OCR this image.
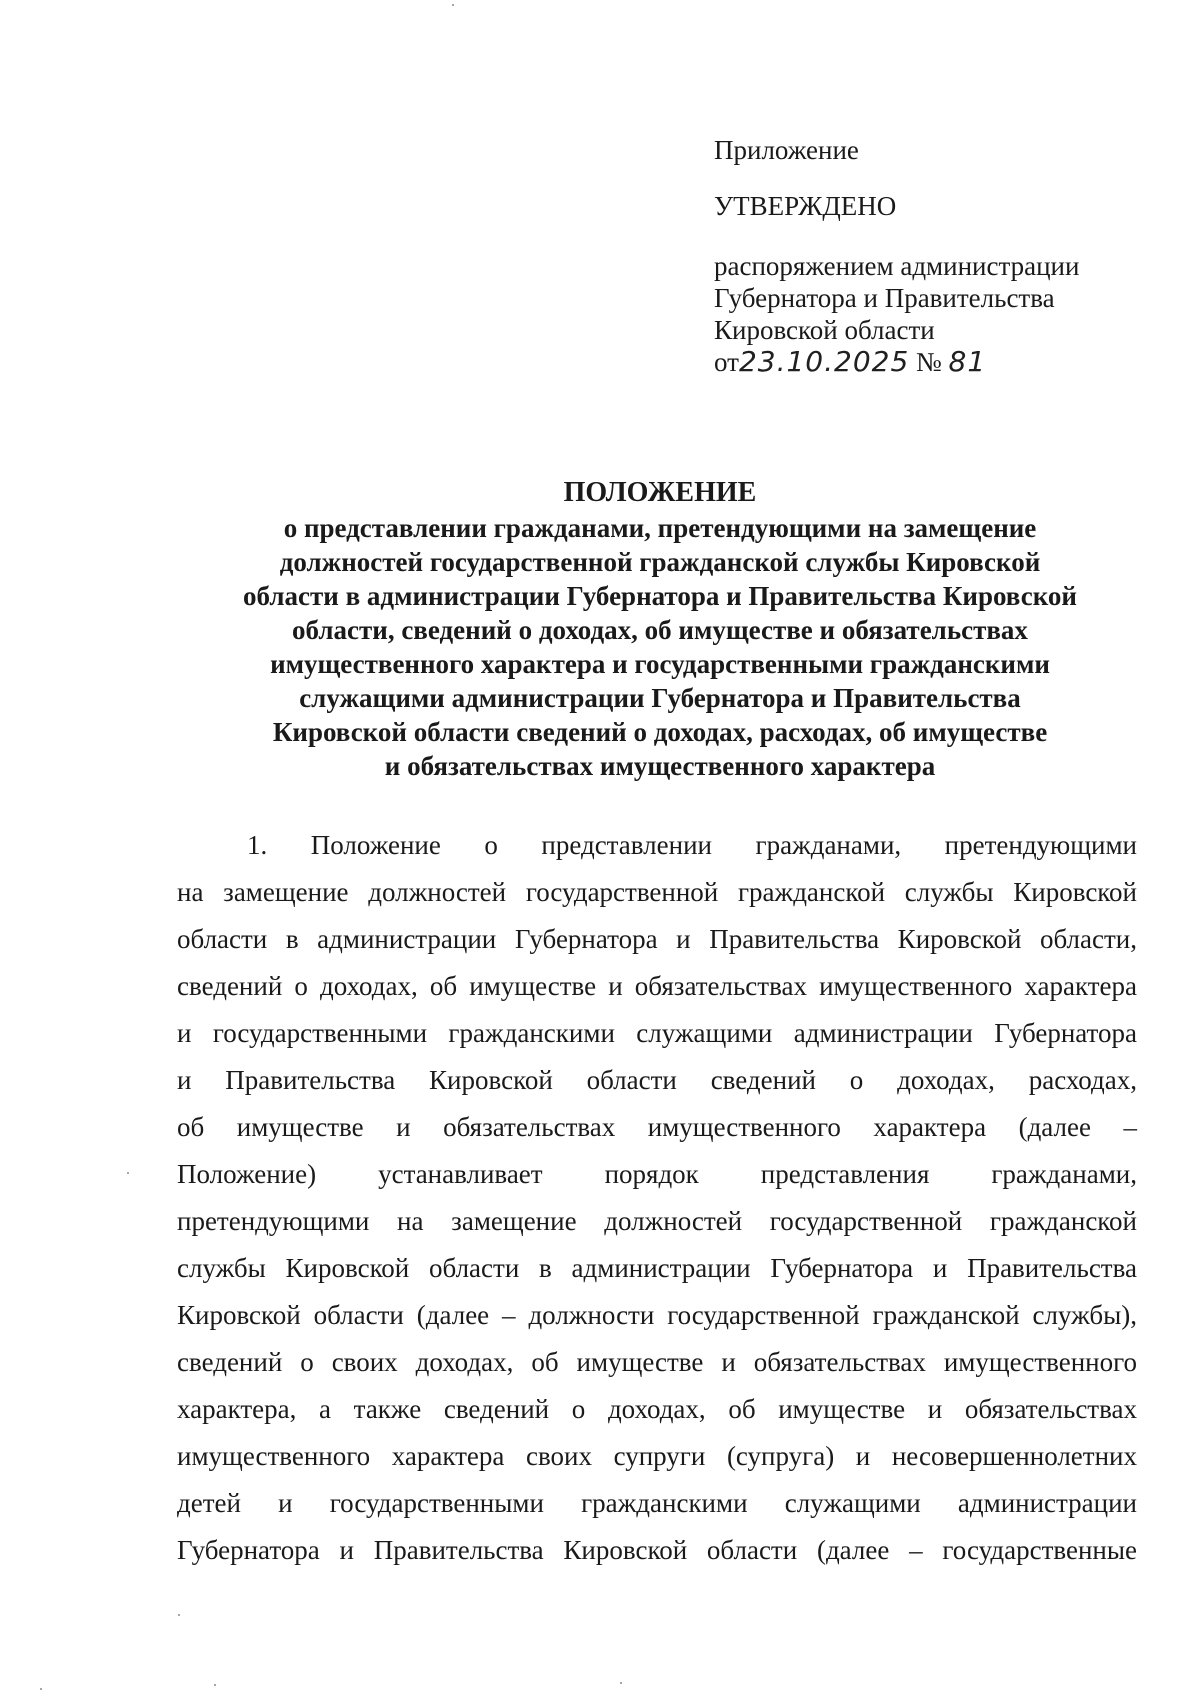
Приложение
УТВЕРЖДЕНО
распоряжением администрации
Губернатора и Правительства
Кировской области
от23.10.2025 № 81
ПОЛОЖЕНИЕ
о представлении гражданами, претендующими на замещение
должностей государственной гражданской службы Кировской
области в администрации Губернатора и Правительства Кировской
области, сведений о доходах, об имуществе и обязательствах
имущественного характера и государственными гражданскими
служащими администрации Губернатора и Правительства
Кировской области сведений о доходах, расходах, об имуществе
и обязательствах имущественного характера
1. Положение о представлении гражданами, претендующими
на замещение должностей государственной гражданской службы Кировской
области в администрации Губернатора и Правительства Кировской области,
сведений о доходах, об имуществе и обязательствах имущественного характера
и государственными гражданскими служащими администрации Губернатора
и Правительства Кировской области сведений о доходах, расходах,
об имуществе и обязательствах имущественного характера (далее –
Положение) устанавливает порядок представления гражданами,
претендующими на замещение должностей государственной гражданской
службы Кировской области в администрации Губернатора и Правительства
Кировской области (далее – должности государственной гражданской службы),
сведений о своих доходах, об имуществе и обязательствах имущественного
характера, а также сведений о доходах, об имуществе и обязательствах
имущественного характера своих супруги (супруга) и несовершеннолетних
детей и государственными гражданскими служащими администрации
Губернатора и Правительства Кировской области (далее – государственные
